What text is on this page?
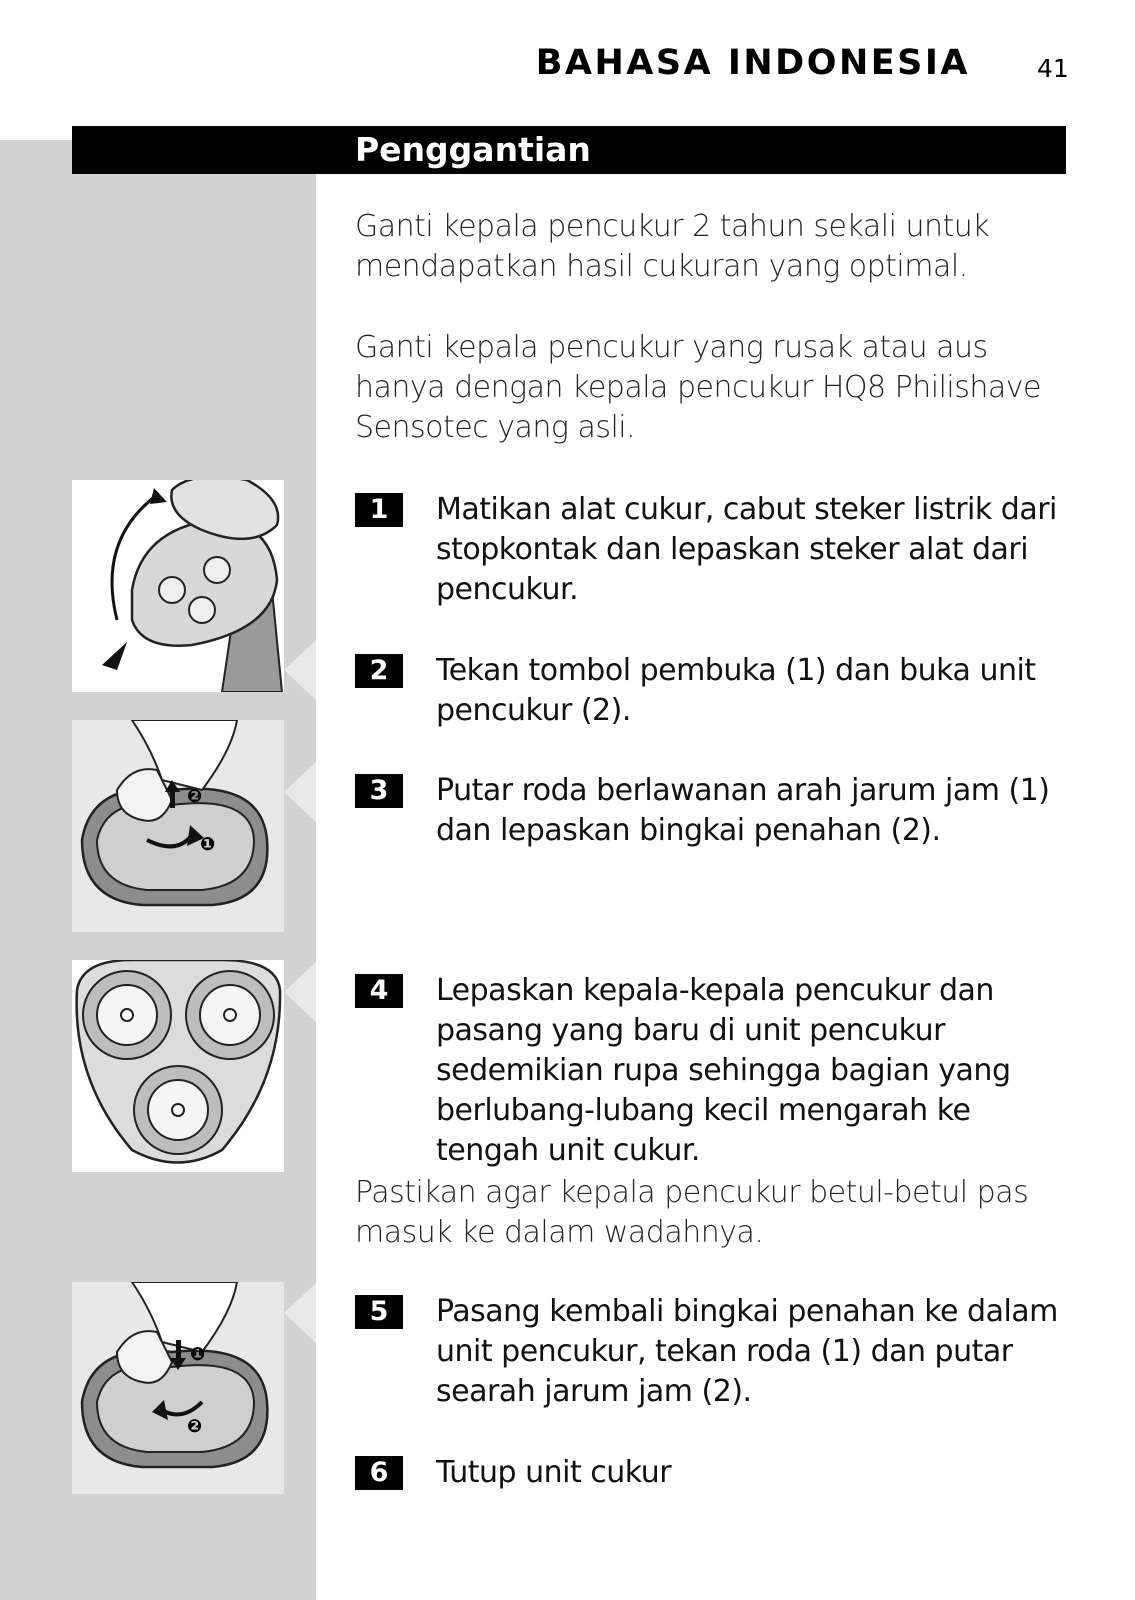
BAHASA INDONESIA	41
Penggantian

Ganti kepala pencukur 2 tahun sekali untuk mendapatkan hasil cukuran yang optimal.

Ganti kepala pencukur yang rusak atau aus hanya dengan kepala pencukur HQ8 Philishave Sensotec yang asli.

1	Matikan alat cukur, cabut steker listrik dari stopkontak dan lepaskan steker alat dari pencukur.

2	Tekan tombol pembuka (1) dan buka unit pencukur (2).

3	Putar roda berlawanan arah jarum jam (1) dan lepaskan bingkai penahan (2).

4	Lepaskan kepala-kepala pencukur dan pasang yang baru di unit pencukur sedemikian rupa sehingga bagian yang berlubang-lubang kecil mengarah ke tengah unit cukur.

Pastikan agar kepala pencukur betul-betul pas masuk ke dalam wadahnya.

5	Pasang kembali bingkai penahan ke dalam unit pencukur, tekan roda (1) dan putar searah jarum jam (2).

6	Tutup unit cukur

❷
❶
❶
❷
